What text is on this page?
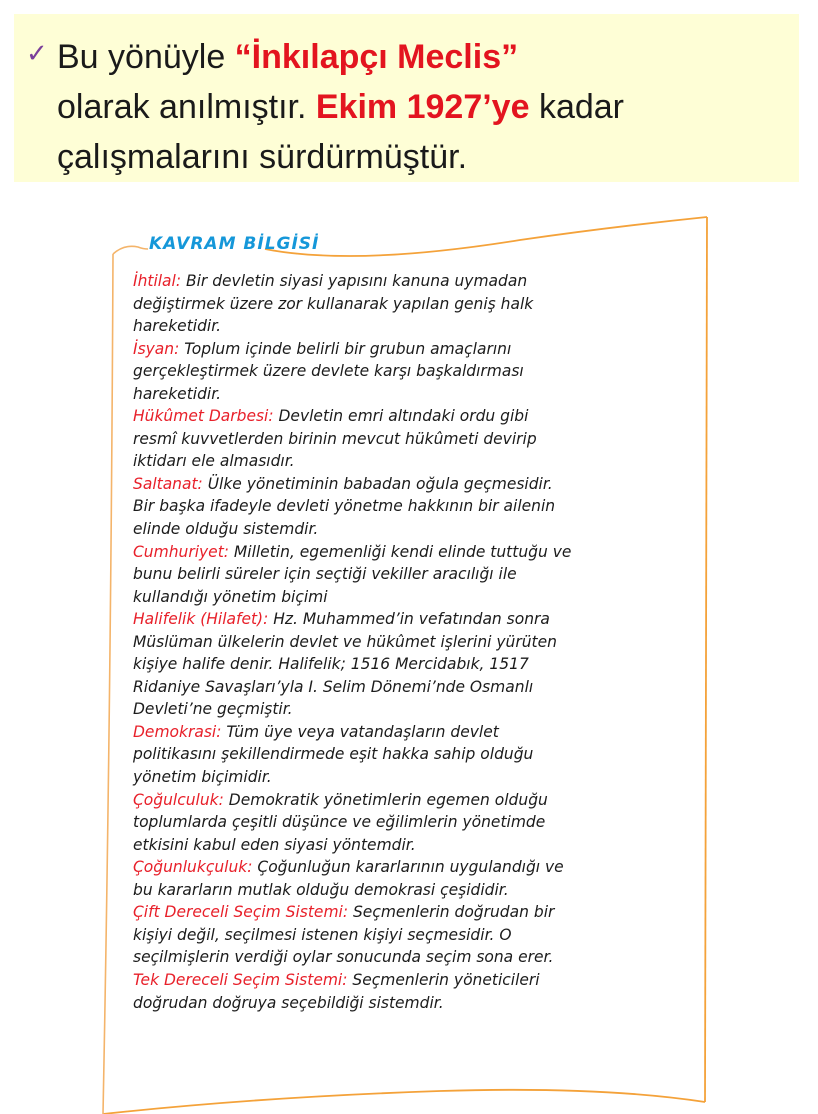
✓ Bu yönüyle “İnkılapçı Meclis”
olarak anılmıştır. Ekim 1927’ye kadar
çalışmalarını sürdürmüştür.
KAVRAM BİLGİSİ
İhtilal: Bir devletin siyasi yapısını kanuna uymadan
değiştirmek üzere zor kullanarak yapılan geniş halk
hareketidir.
İsyan: Toplum içinde belirli bir grubun amaçlarını
gerçekleştirmek üzere devlete karşı başkaldırması
hareketidir.
Hükûmet Darbesi: Devletin emri altındaki ordu gibi
resmî kuvvetlerden birinin mevcut hükûmeti devirip
iktidarı ele almasıdır.
Saltanat: Ülke yönetiminin babadan oğula geçmesidir.
Bir başka ifadeyle devleti yönetme hakkının bir ailenin
elinde olduğu sistemdir.
Cumhuriyet: Milletin, egemenliği kendi elinde tuttuğu ve
bunu belirli süreler için seçtiği vekiller aracılığı ile
kullandığı yönetim biçimi
Halifelik (Hilafet): Hz. Muhammed’in vefatından sonra
Müslüman ülkelerin devlet ve hükûmet işlerini yürüten
kişiye halife denir. Halifelik; 1516 Mercidabık, 1517
Ridaniye Savaşları’yla I. Selim Dönemi’nde Osmanlı
Devleti’ne geçmiştir.
Demokrasi: Tüm üye veya vatandaşların devlet
politikasını şekillendirmede eşit hakka sahip olduğu
yönetim biçimidir.
Çoğulculuk: Demokratik yönetimlerin egemen olduğu
toplumlarda çeşitli düşünce ve eğilimlerin yönetimde
etkisini kabul eden siyasi yöntemdir.
Çoğunlukçuluk: Çoğunluğun kararlarının uygulandığı ve
bu kararların mutlak olduğu demokrasi çeşididir.
Çift Dereceli Seçim Sistemi: Seçmenlerin doğrudan bir
kişiyi değil, seçilmesi istenen kişiyi seçmesidir. O
seçilmişlerin verdiği oylar sonucunda seçim sona erer.
Tek Dereceli Seçim Sistemi: Seçmenlerin yöneticileri
doğrudan doğruya seçebildiği sistemdir.
